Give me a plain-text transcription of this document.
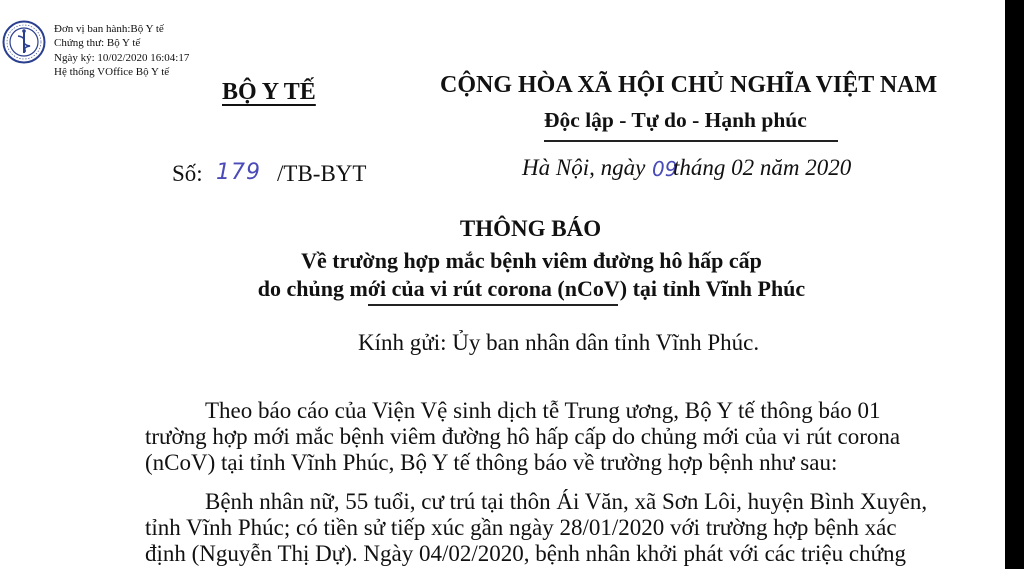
Đơn vị ban hành:Bộ Y tế
Chứng thư: Bộ Y tế
Ngày ký: 10/02/2020 16:04:17
Hệ thống VOffice Bộ Y tế
BỘ Y TẾ	CỘNG HÒA XÃ HỘI CHỦ NGHĨA VIỆT NAM
Độc lập - Tự do - Hạnh phúc
Số: 179 /TB-BYT	Hà Nội, ngày 09
tháng 02 năm 2020
THÔNG BÁO
Về trường hợp mắc bệnh viêm đường hô hấp cấp
do chủng mới của vi rút corona (nCoV) tại tỉnh Vĩnh Phúc
Kính gửi: Ủy ban nhân dân tỉnh Vĩnh Phúc.
Theo báo cáo của Viện Vệ sinh dịch tễ Trung ương, Bộ Y tế thông báo 01
trường hợp mới mắc bệnh viêm đường hô hấp cấp do chủng mới của vi rút corona
(nCoV) tại tỉnh Vĩnh Phúc, Bộ Y tế thông báo về trường hợp bệnh như sau:
Bệnh nhân nữ, 55 tuổi, cư trú tại thôn Ái Văn, xã Sơn Lôi, huyện Bình Xuyên,
tỉnh Vĩnh Phúc; có tiền sử tiếp xúc gần ngày 28/01/2020 với trường hợp bệnh xác
định (Nguyễn Thị Dự). Ngày 04/02/2020, bệnh nhân khởi phát với các triệu chứng
